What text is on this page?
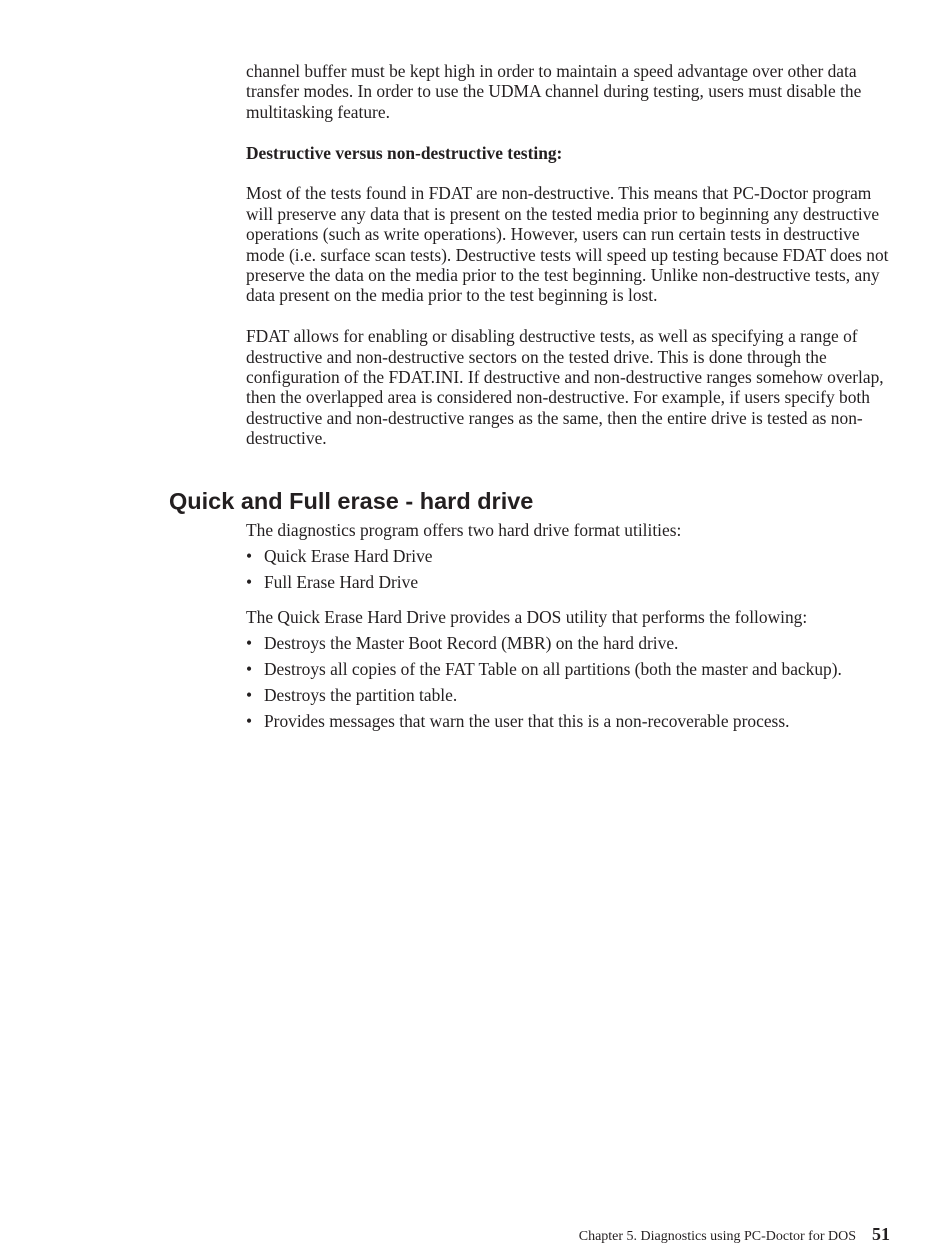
channel buffer must be kept high in order to maintain a speed advantage over other data transfer modes. In order to use the UDMA channel during testing, users must disable the multitasking feature.

Destructive versus non-destructive testing:

Most of the tests found in FDAT are non-destructive. This means that PC-Doctor program will preserve any data that is present on the tested media prior to beginning any destructive operations (such as write operations). However, users can run certain tests in destructive mode (i.e. surface scan tests). Destructive tests will speed up testing because FDAT does not preserve the data on the media prior to the test beginning. Unlike non-destructive tests, any data present on the media prior to the test beginning is lost.

FDAT allows for enabling or disabling destructive tests, as well as specifying a range of destructive and non-destructive sectors on the tested drive. This is done through the configuration of the FDAT.INI. If destructive and non-destructive ranges somehow overlap, then the overlapped area is considered non-destructive. For example, if users specify both destructive and non-destructive ranges as the same, then the entire drive is tested as non-destructive.

Quick and Full erase - hard drive

The diagnostics program offers two hard drive format utilities:

• Quick Erase Hard Drive
• Full Erase Hard Drive

The Quick Erase Hard Drive provides a DOS utility that performs the following:

• Destroys the Master Boot Record (MBR) on the hard drive.
• Destroys all copies of the FAT Table on all partitions (both the master and backup).
• Destroys the partition table.
• Provides messages that warn the user that this is a non-recoverable process.
Chapter 5. Diagnostics using PC-Doctor for DOS 51
